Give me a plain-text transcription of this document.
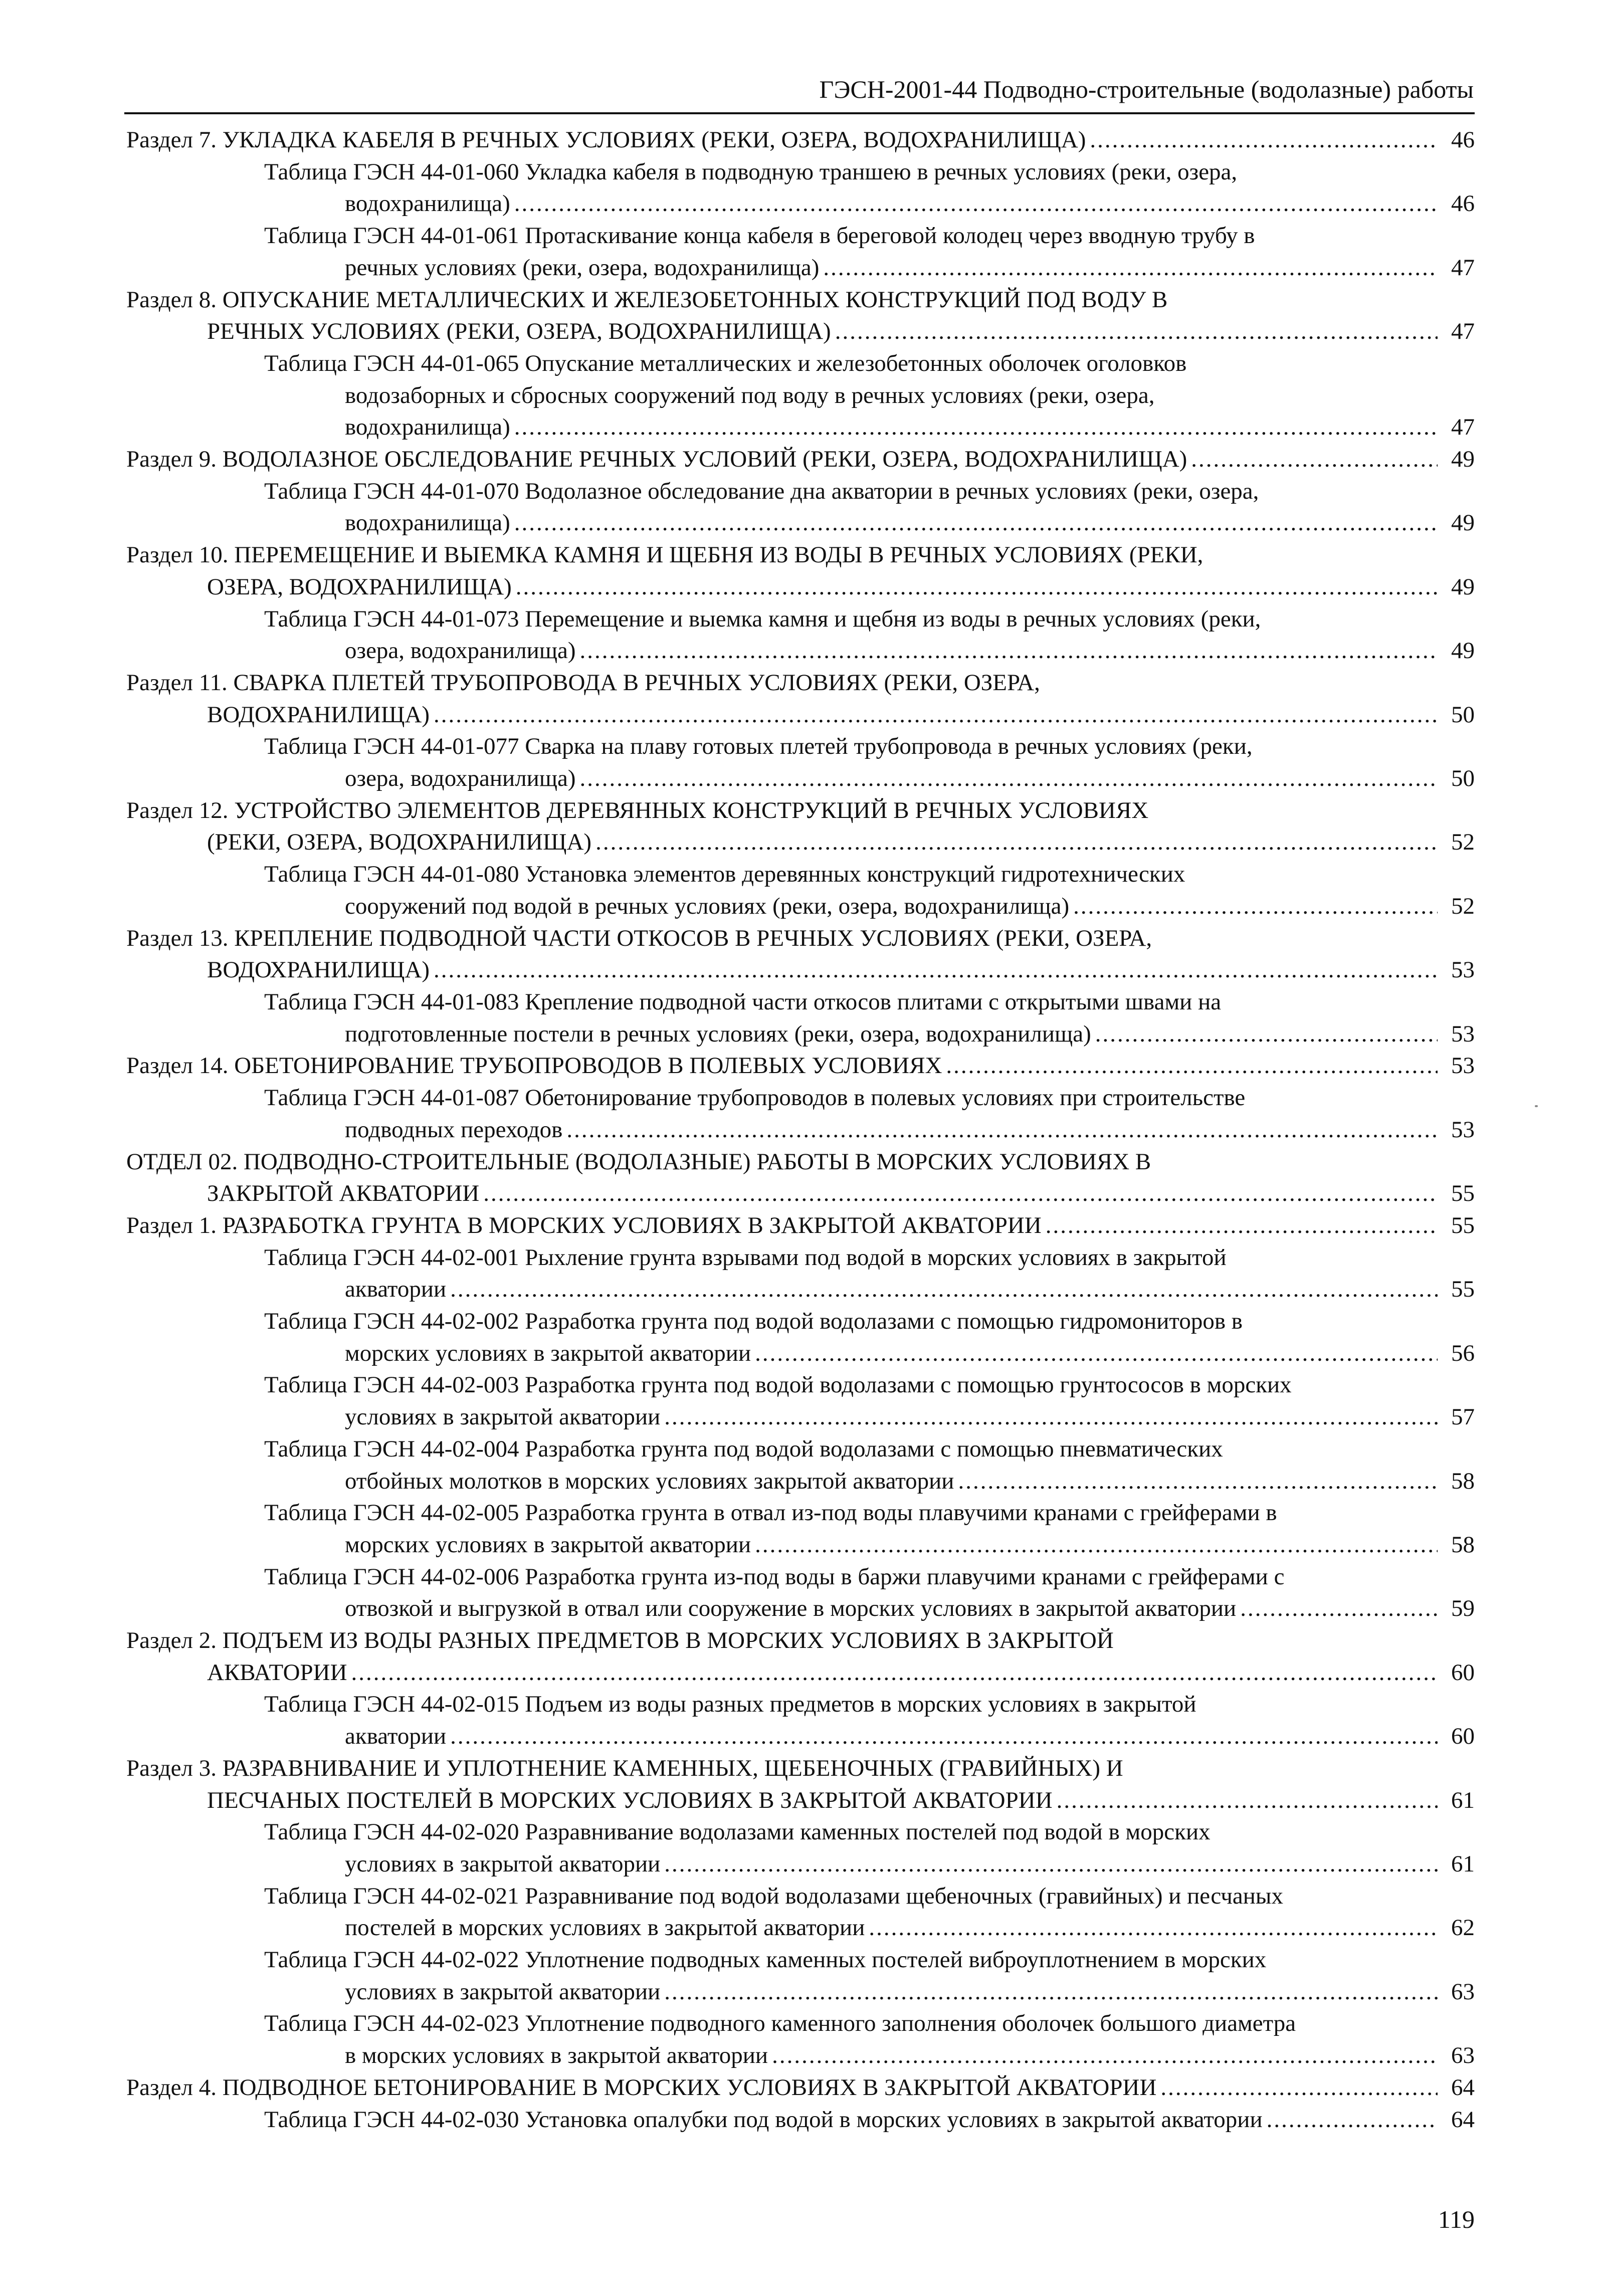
ГЭСН-2001-44 Подводно-строительные (водолазные) работы
Раздел 7. УКЛАДКА КАБЕЛЯ В РЕЧНЫХ УСЛОВИЯХ (РЕКИ, ОЗЕРА, ВОДОХРАНИЛИЩА) .....	46
Таблица ГЭСН 44-01-060 Укладка кабеля в подводную траншею в речных условиях (реки, озера,
водохранилища) .....	46
Таблица ГЭСН 44-01-061 Протаскивание конца кабеля в береговой колодец через вводную трубу в
речных условиях (реки, озера, водохранилища) .....	47
Раздел 8. ОПУСКАНИЕ МЕТАЛЛИЧЕСКИХ И ЖЕЛЕЗОБЕТОННЫХ КОНСТРУКЦИЙ ПОД ВОДУ В
РЕЧНЫХ УСЛОВИЯХ (РЕКИ, ОЗЕРА, ВОДОХРАНИЛИЩА) .....	47
Таблица ГЭСН 44-01-065 Опускание металлических и железобетонных оболочек оголовков
водозаборных и сбросных сооружений под воду в речных условиях (реки, озера,
водохранилища) .....	47
Раздел 9. ВОДОЛАЗНОЕ ОБСЛЕДОВАНИЕ РЕЧНЫХ УСЛОВИЙ (РЕКИ, ОЗЕРА, ВОДОХРАНИЛИЩА) .....	49
Таблица ГЭСН 44-01-070 Водолазное обследование дна акватории в речных условиях (реки, озера,
водохранилища) .....	49
Раздел 10. ПЕРЕМЕЩЕНИЕ И ВЫЕМКА КАМНЯ И ЩЕБНЯ ИЗ ВОДЫ В РЕЧНЫХ УСЛОВИЯХ (РЕКИ,
ОЗЕРА, ВОДОХРАНИЛИЩА) .....	49
Таблица ГЭСН 44-01-073 Перемещение и выемка камня и щебня из воды в речных условиях (реки,
озера, водохранилища) .....	49
Раздел 11. СВАРКА ПЛЕТЕЙ ТРУБОПРОВОДА В РЕЧНЫХ УСЛОВИЯХ (РЕКИ, ОЗЕРА,
ВОДОХРАНИЛИЩА) .....	50
Таблица ГЭСН 44-01-077 Сварка на плаву готовых плетей трубопровода в речных условиях (реки,
озера, водохранилища) .....	50
Раздел 12. УСТРОЙСТВО ЭЛЕМЕНТОВ ДЕРЕВЯННЫХ КОНСТРУКЦИЙ В РЕЧНЫХ УСЛОВИЯХ
(РЕКИ, ОЗЕРА, ВОДОХРАНИЛИЩА) .....	52
Таблица ГЭСН 44-01-080 Установка элементов деревянных конструкций гидротехнических
сооружений под водой в речных условиях (реки, озера, водохранилища) .....	52
Раздел 13. КРЕПЛЕНИЕ ПОДВОДНОЙ ЧАСТИ ОТКОСОВ В РЕЧНЫХ УСЛОВИЯХ (РЕКИ, ОЗЕРА,
ВОДОХРАНИЛИЩА) .....	53
Таблица ГЭСН 44-01-083 Крепление подводной части откосов плитами с открытыми швами на
подготовленные постели в речных условиях (реки, озера, водохранилища) .....	53
Раздел 14. ОБЕТОНИРОВАНИЕ ТРУБОПРОВОДОВ В ПОЛЕВЫХ УСЛОВИЯХ .....	53
Таблица ГЭСН 44-01-087 Обетонирование трубопроводов в полевых условиях при строительстве
подводных переходов .....	53
ОТДЕЛ 02. ПОДВОДНО-СТРОИТЕЛЬНЫЕ (ВОДОЛАЗНЫЕ) РАБОТЫ В МОРСКИХ УСЛОВИЯХ В
ЗАКРЫТОЙ АКВАТОРИИ .....	55
Раздел 1. РАЗРАБОТКА ГРУНТА В МОРСКИХ УСЛОВИЯХ В ЗАКРЫТОЙ АКВАТОРИИ .....	55
Таблица ГЭСН 44-02-001 Рыхление грунта взрывами под водой в морских условиях в закрытой
акватории .....	55
Таблица ГЭСН 44-02-002 Разработка грунта под водой водолазами с помощью гидромониторов в
морских условиях в закрытой акватории .....	56
Таблица ГЭСН 44-02-003 Разработка грунта под водой водолазами с помощью грунтососов в морских
условиях в закрытой акватории .....	57
Таблица ГЭСН 44-02-004 Разработка грунта под водой водолазами с помощью пневматических
отбойных молотков в морских условиях закрытой акватории .....	58
Таблица ГЭСН 44-02-005 Разработка грунта в отвал из-под воды плавучими кранами с грейферами в
морских условиях в закрытой акватории .....	58
Таблица ГЭСН 44-02-006 Разработка грунта из-под воды в баржи плавучими кранами с грейферами с
отвозкой и выгрузкой в отвал или сооружение в морских условиях в закрытой акватории .....	59
Раздел 2. ПОДЪЕМ ИЗ ВОДЫ РАЗНЫХ ПРЕДМЕТОВ В МОРСКИХ УСЛОВИЯХ В ЗАКРЫТОЙ
АКВАТОРИИ .....	60
Таблица ГЭСН 44-02-015 Подъем из воды разных предметов в морских условиях в закрытой
акватории .....	60
Раздел 3. РАЗРАВНИВАНИЕ И УПЛОТНЕНИЕ КАМЕННЫХ, ЩЕБЕНОЧНЫХ (ГРАВИЙНЫХ) И
ПЕСЧАНЫХ ПОСТЕЛЕЙ В МОРСКИХ УСЛОВИЯХ В ЗАКРЫТОЙ АКВАТОРИИ .....	61
Таблица ГЭСН 44-02-020 Разравнивание водолазами каменных постелей под водой в морских
условиях в закрытой акватории .....	61
Таблица ГЭСН 44-02-021 Разравнивание под водой водолазами щебеночных (гравийных) и песчаных
постелей в морских условиях в закрытой акватории .....	62
Таблица ГЭСН 44-02-022 Уплотнение подводных каменных постелей виброуплотнением в морских
условиях в закрытой акватории .....	63
Таблица ГЭСН 44-02-023 Уплотнение подводного каменного заполнения оболочек большого диаметра
в морских условиях в закрытой акватории .....	63
Раздел 4. ПОДВОДНОЕ БЕТОНИРОВАНИЕ В МОРСКИХ УСЛОВИЯХ В ЗАКРЫТОЙ АКВАТОРИИ .....	64
Таблица ГЭСН 44-02-030 Установка опалубки под водой в морских условиях в закрытой акватории .....	64
119
